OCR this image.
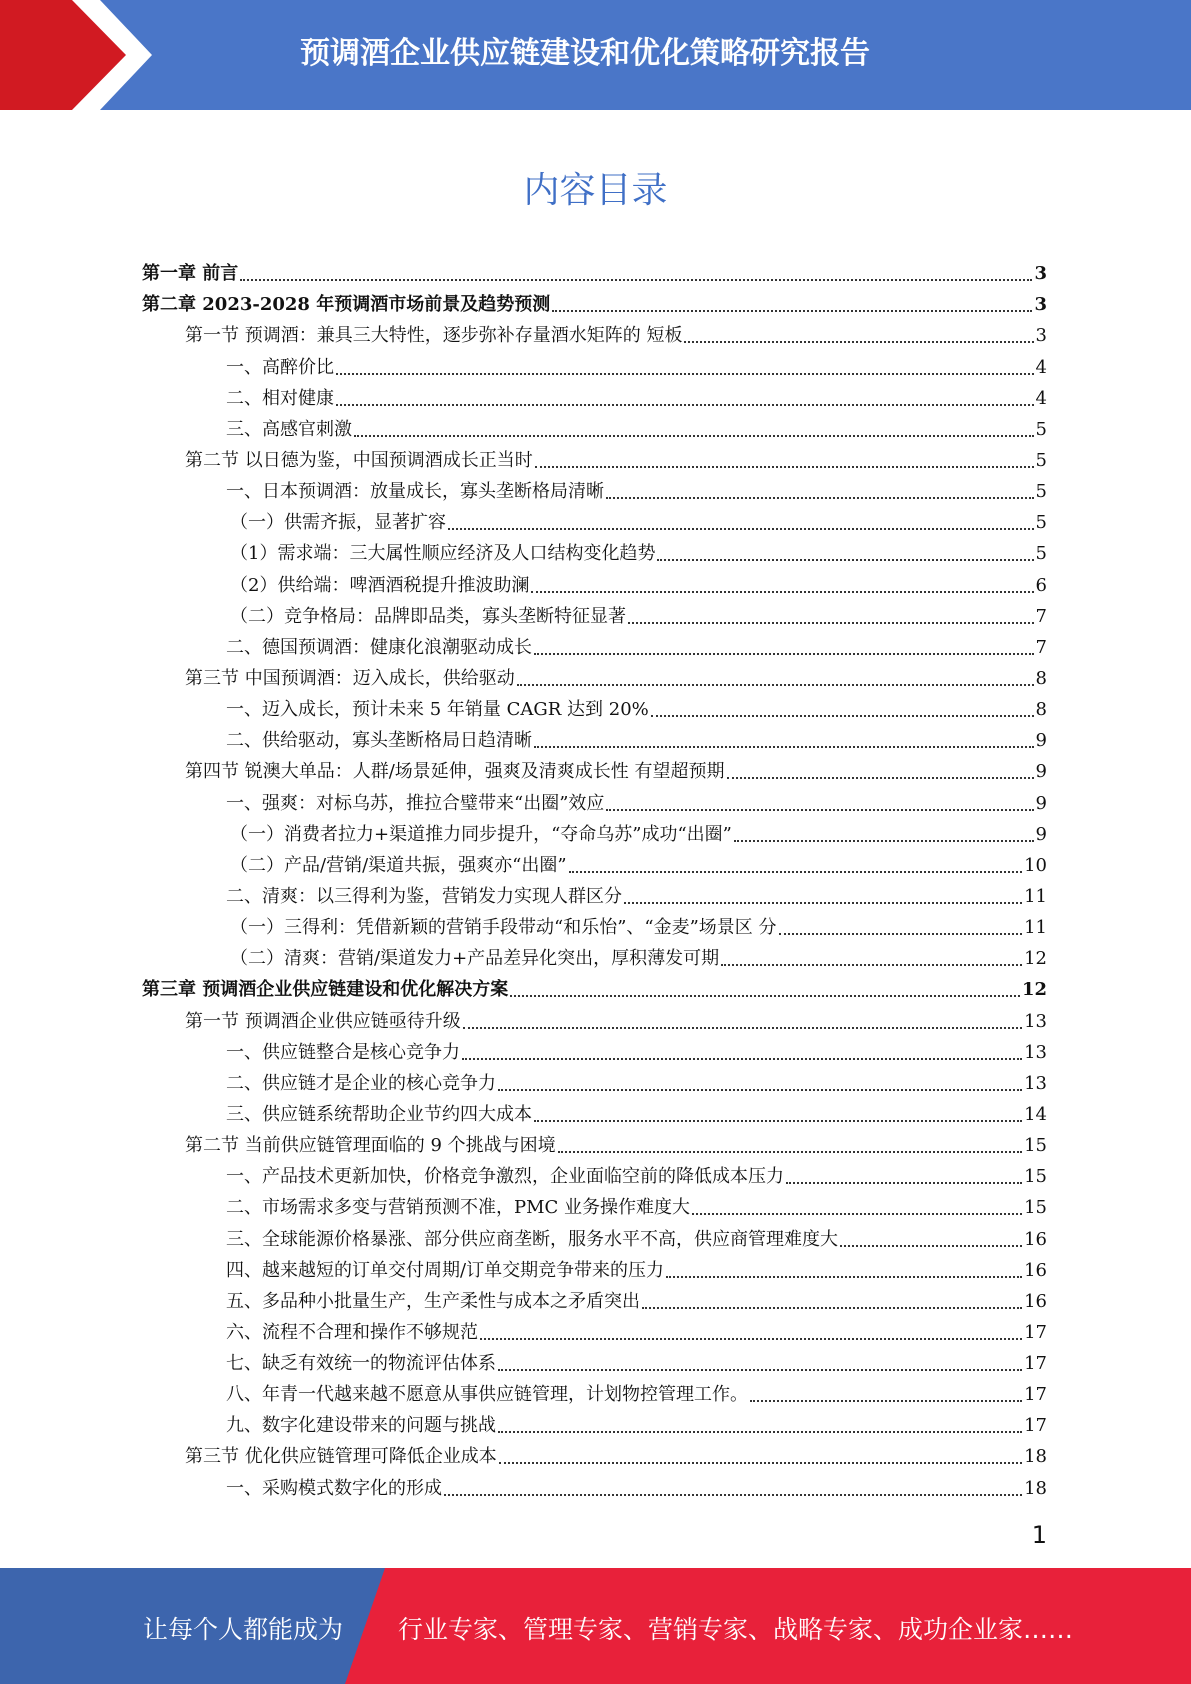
预调酒企业供应链建设和优化策略研究报告
内容目录
第一章 前言	3
第二章 2023-2028 年预调酒市场前景及趋势预测	3
第一节 预调酒：兼具三大特性，逐步弥补存量酒水矩阵的 短板	3
一、高醉价比	4
二、相对健康	4
三、高感官刺激	5
第二节 以日德为鉴，中国预调酒成长正当时	5
一、日本预调酒：放量成长，寡头垄断格局清晰	5
（一）供需齐振，显著扩容	5
（1）需求端：三大属性顺应经济及人口结构变化趋势	5
（2）供给端：啤酒酒税提升推波助澜	6
（二）竞争格局：品牌即品类，寡头垄断特征显著	7
二、德国预调酒：健康化浪潮驱动成长	7
第三节 中国预调酒：迈入成长，供给驱动	8
一、迈入成长，预计未来 5 年销量 CAGR 达到 20%	8
二、供给驱动，寡头垄断格局日趋清晰	9
第四节 锐澳大单品：人群/场景延伸，强爽及清爽成长性 有望超预期	9
一、强爽：对标乌苏，推拉合璧带来“出圈”效应	9
（一）消费者拉力+渠道推力同步提升，“夺命乌苏”成功“出圈”	9
（二）产品/营销/渠道共振，强爽亦“出圈”	10
二、清爽：以三得利为鉴，营销发力实现人群区分	11
（一）三得利：凭借新颖的营销手段带动“和乐怡”、“金麦”场景区 分	11
（二）清爽：营销/渠道发力+产品差异化突出，厚积薄发可期	12
第三章 预调酒企业供应链建设和优化解决方案	12
第一节 预调酒企业供应链亟待升级	13
一、供应链整合是核心竞争力	13
二、供应链才是企业的核心竞争力	13
三、供应链系统帮助企业节约四大成本	14
第二节 当前供应链管理面临的 9 个挑战与困境	15
一、产品技术更新加快，价格竞争激烈，企业面临空前的降低成本压力	15
二、市场需求多变与营销预测不准，PMC 业务操作难度大	15
三、全球能源价格暴涨、部分供应商垄断，服务水平不高，供应商管理难度大	16
四、越来越短的订单交付周期/订单交期竞争带来的压力	16
五、多品种小批量生产，生产柔性与成本之矛盾突出	16
六、流程不合理和操作不够规范	17
七、缺乏有效统一的物流评估体系	17
八、年青一代越来越不愿意从事供应链管理，计划物控管理工作。	17
九、数字化建设带来的问题与挑战	17
第三节 优化供应链管理可降低企业成本	18
一、采购模式数字化的形成	18
1
让每个人都能成为 行业专家、管理专家、营销专家、战略专家、成功企业家……
